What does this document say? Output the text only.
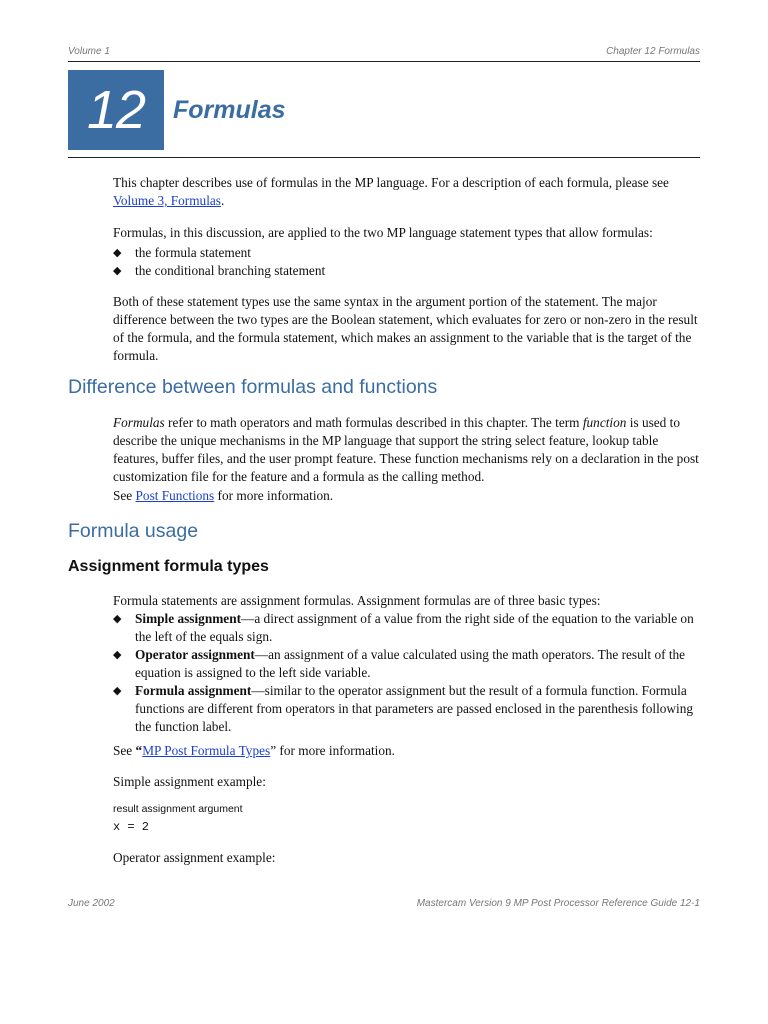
Volume 1	Chapter 12 Formulas
12 Formulas

This chapter describes use of formulas in the MP language. For a description of each formula, please see Volume 3, Formulas.

Formulas, in this discussion, are applied to the two MP language statement types that allow formulas:
◆	the formula statement
◆	the conditional branching statement
Both of these statement types use the same syntax in the argument portion of the statement. The major difference between the two types are the Boolean statement, which evaluates for zero or non-zero in the result of the formula, and the formula statement, which makes an assignment to the variable that is the target of the formula.
Difference between formulas and functions

Formulas refer to math operators and math formulas described in this chapter. The term function is used to describe the unique mechanisms in the MP language that support the string select feature, lookup table features, buffer files, and the user prompt feature. These function mechanisms rely on a declaration in the post customization file for the feature and a formula as the calling method.

See Post Functions for more information.

Formula usage
Assignment formula types
Formula statements are assignment formulas. Assignment formulas are of three basic types:
◆	Simple assignment—a direct assignment of a value from the right side of the equation to the variable on the left of the equals sign.
◆	Operator assignment—an assignment of a value calculated using the math operators. The result of the equation is assigned to the left side variable.
◆	Formula assignment—similar to the operator assignment but the result of a formula function. Formula functions are different from operators in that parameters are passed enclosed in the parenthesis following the function label.

See “MP Post Formula Types” for more information.

Simple assignment example:
result assignment argument
x = 2
Operator assignment example:
June 2002	Mastercam Version 9 MP Post Processor Reference Guide 12-1
